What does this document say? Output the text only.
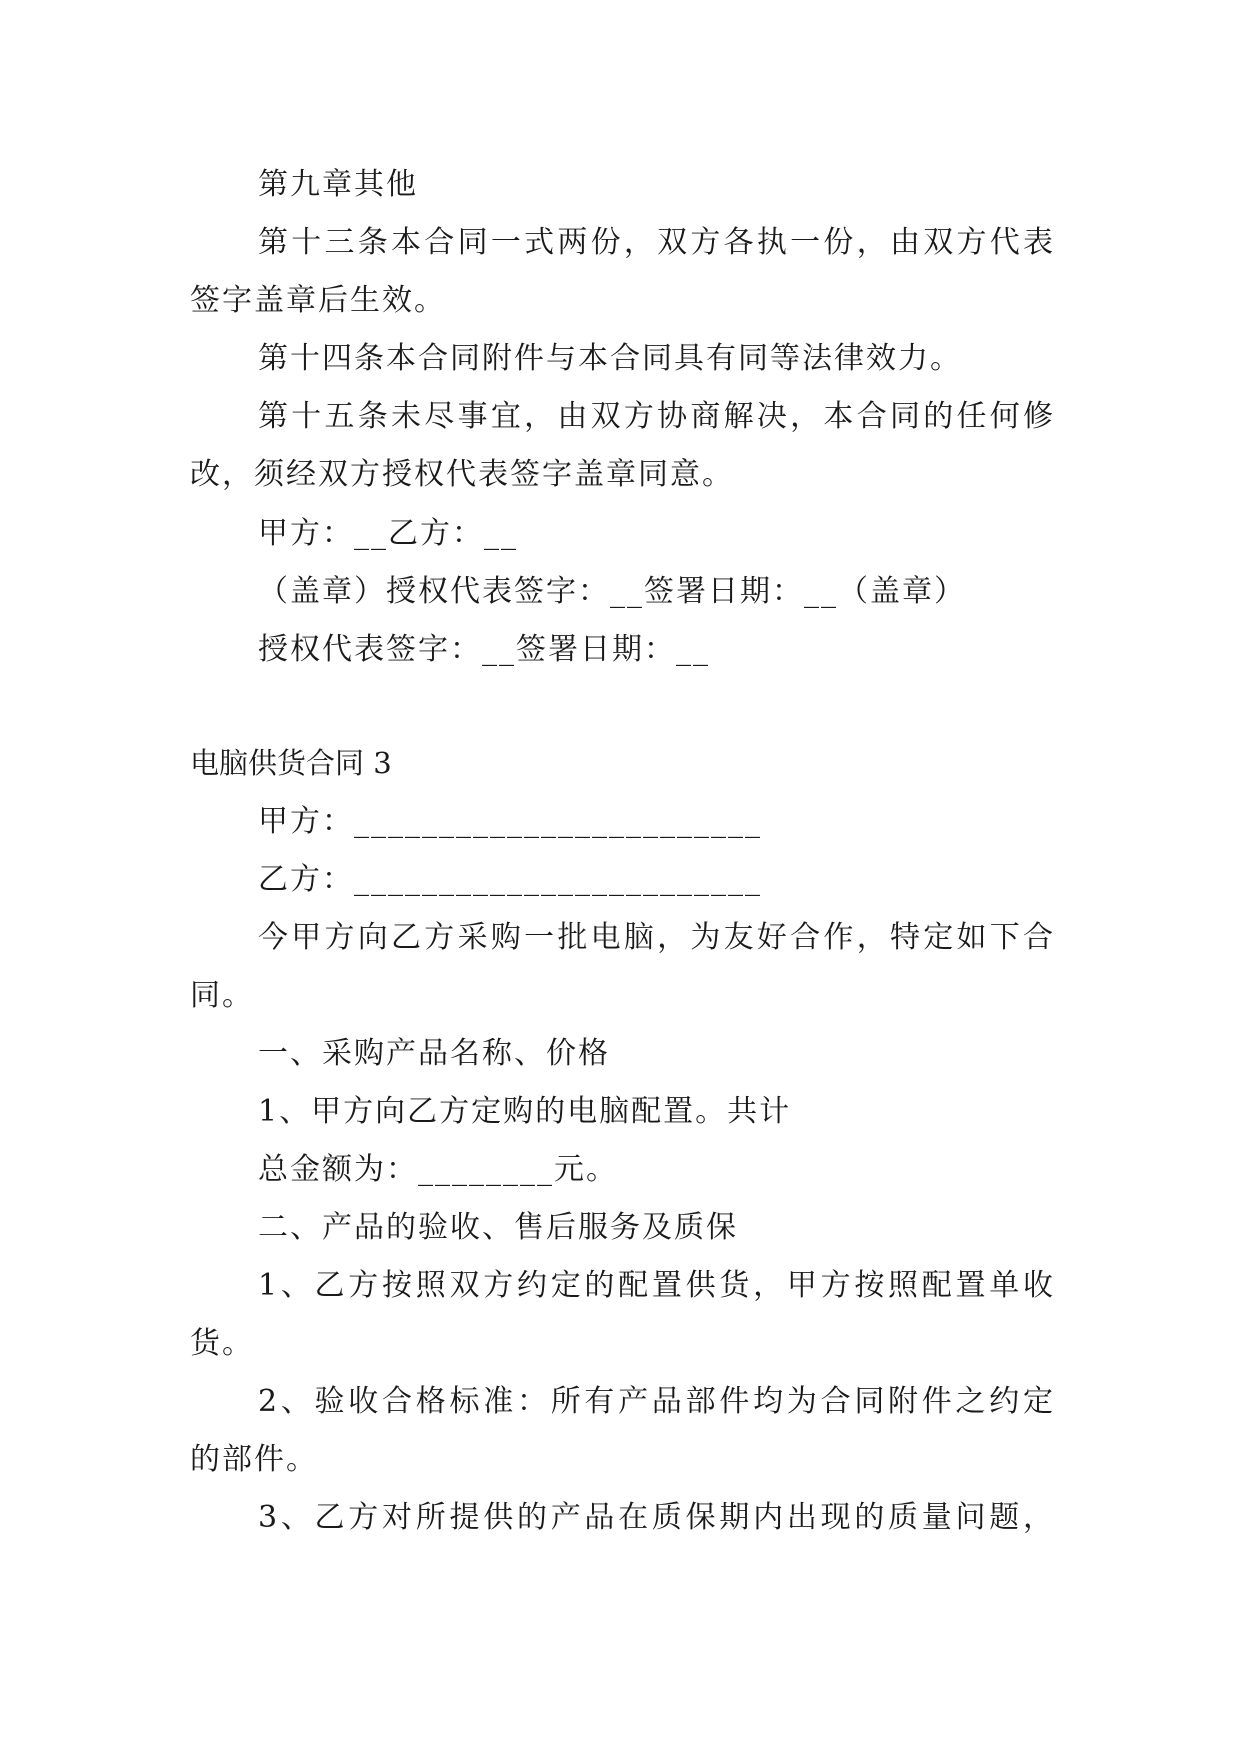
第九章其他
第十三条本合同一式两份，双方各执一份，由双方代表
签字盖章后生效。
第十四条本合同附件与本合同具有同等法律效力。
第十五条未尽事宜，由双方协商解决，本合同的任何修
改，须经双方授权代表签字盖章同意。
甲方：__乙方：__
（盖章）授权代表签字：__签署日期：__（盖章）
授权代表签字：__签署日期：__
电脑供货合同 3
甲方：________________________
乙方：________________________
今甲方向乙方采购一批电脑，为友好合作，特定如下合
同。
一、采购产品名称、价格
1、甲方向乙方定购的电脑配置。共计
总金额为：________元。
二、产品的验收、售后服务及质保
1、乙方按照双方约定的配置供货，甲方按照配置单收
货。
2、验收合格标准：所有产品部件均为合同附件之约定
的部件。
3、乙方对所提供的产品在质保期内出现的质量问题，
